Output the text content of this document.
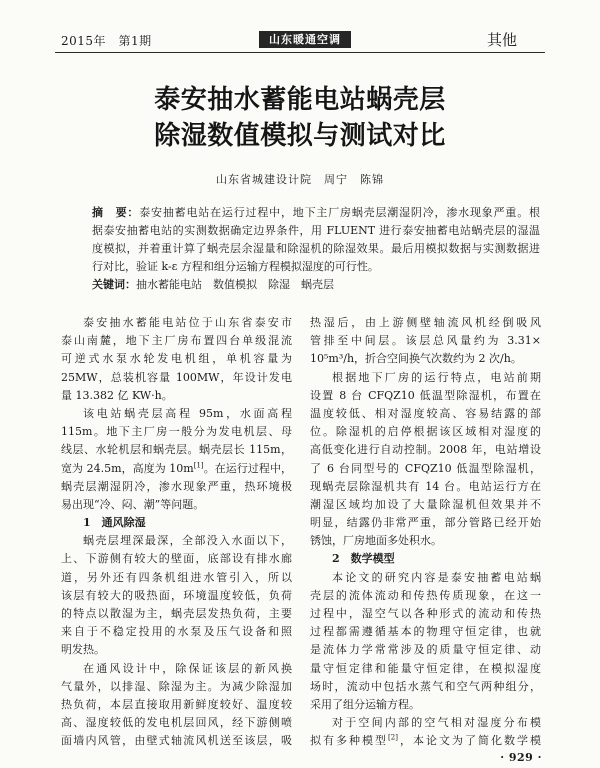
2015年　第1期	山东暖通空调	其他
泰安抽水蓄能电站蜗壳层
除湿数值模拟与测试对比
山东省城建设计院　周宁　陈锦
摘　要：泰安抽蓄电站在运行过程中，地下主厂房蜗壳层潮湿阴冷，渗水现象严重。根
据泰安抽蓄电站的实测数据确定边界条件，用 FLUENT 进行泰安抽蓄电站蜗壳层的湿温
度模拟，并着重计算了蜗壳层余湿量和除湿机的除湿效果。最后用模拟数据与实测数据进
行对比，验证 k-ε 方程和组分运输方程模拟湿度的可行性。
关键词：抽水蓄能电站　数值模拟　除湿　蜗壳层
泰安抽水蓄能电站位于山东省泰安市
泰山南麓，地下主厂房布置四台单级混流
可逆式水泵水轮发电机组，单机容量为
25MW，总装机容量 100MW，年设计发电
量 13.382 亿 KW·h。
该电站蜗壳层高程 95m，水面高程
115m。地下主厂房一般分为发电机层、母
线层、水轮机层和蜗壳层。蜗壳层长 115m，
宽为 24.5m，高度为 10m[1]。在运行过程中，
蜗壳层潮湿阴冷，渗水现象严重，热环境极
易出现“冷、闷、潮”等问题。
1　通风除湿
蜗壳层埋深最深，全部没入水面以下，
上、下游侧有较大的壁面，底部设有排水廊
道，另外还有四条机组进水管引入，所以
该层有较大的吸热面，环境温度较低，负荷
的特点以散湿为主，蜗壳层发热负荷，主要
来自于不稳定投用的水泵及压气设备和照
明发热。
在通风设计中，除保证该层的新风换
气量外，以排湿、除湿为主。为减少除湿加
热负荷，本层直接取用新鲜度较好、温度较
高、湿度较低的发电机层回风，经下游侧喷
面墙内风管，由壁式轴流风机送至该层，吸
热湿后，由上游侧壁轴流风机经倒吸风
管排至中间层。该层总风量约为 3.31×
10⁵m³/h，折合空间换气次数约为 2 次/h。
根据地下厂房的运行特点，电站前期
设置 8 台 CFQZ10 低温型除湿机，布置在
温度较低、相对湿度较高、容易结露的部
位。除湿机的启停根据该区域相对湿度的
高低变化进行自动控制。2008 年，电站增设
了 6 台同型号的 CFQZ10 低温型除湿机，
现蜗壳层除湿机共有 14 台。电站运行方在
潮湿区域均加设了大量除湿机但效果并不
明显，结露仍非常严重，部分管路已经开始
锈蚀，厂房地面多处积水。
2　数学模型
本论文的研究内容是泰安抽蓄电站蜗
壳层的流体流动和传热传质现象，在这一
过程中，湿空气以各种形式的流动和传热
过程都需遵循基本的物理守恒定律，也就
是流体力学常常涉及的质量守恒定律、动
量守恒定律和能量守恒定律，在模拟湿度
场时，流动中包括水蒸气和空气两种组分，
采用了组分运输方程。
对于空间内部的空气相对湿度分布模
拟有多种模型[2]，本论文为了简化数学模
· 929 ·
